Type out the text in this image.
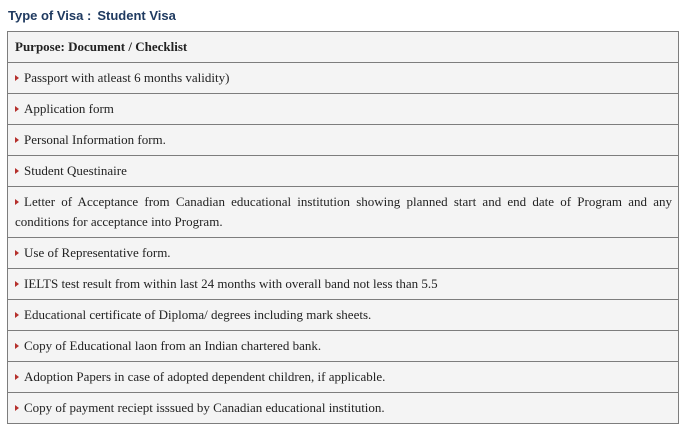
Type of Visa : Student Visa
Purpose: Document / Checklist
Passport with atleast 6 months validity)
Application form
Personal Information form.
Student Questinaire
Letter of Acceptance from Canadian educational institution showing planned start and end date of Program and any conditions for acceptance into Program.
Use of Representative form.
IELTS test result from within last 24 months with overall band not less than 5.5
Educational certificate of Diploma/ degrees including mark sheets.
Copy of Educational laon from an Indian chartered bank.
Adoption Papers in case of adopted dependent children, if applicable.
Copy of payment reciept isssued by Canadian educational institution.
